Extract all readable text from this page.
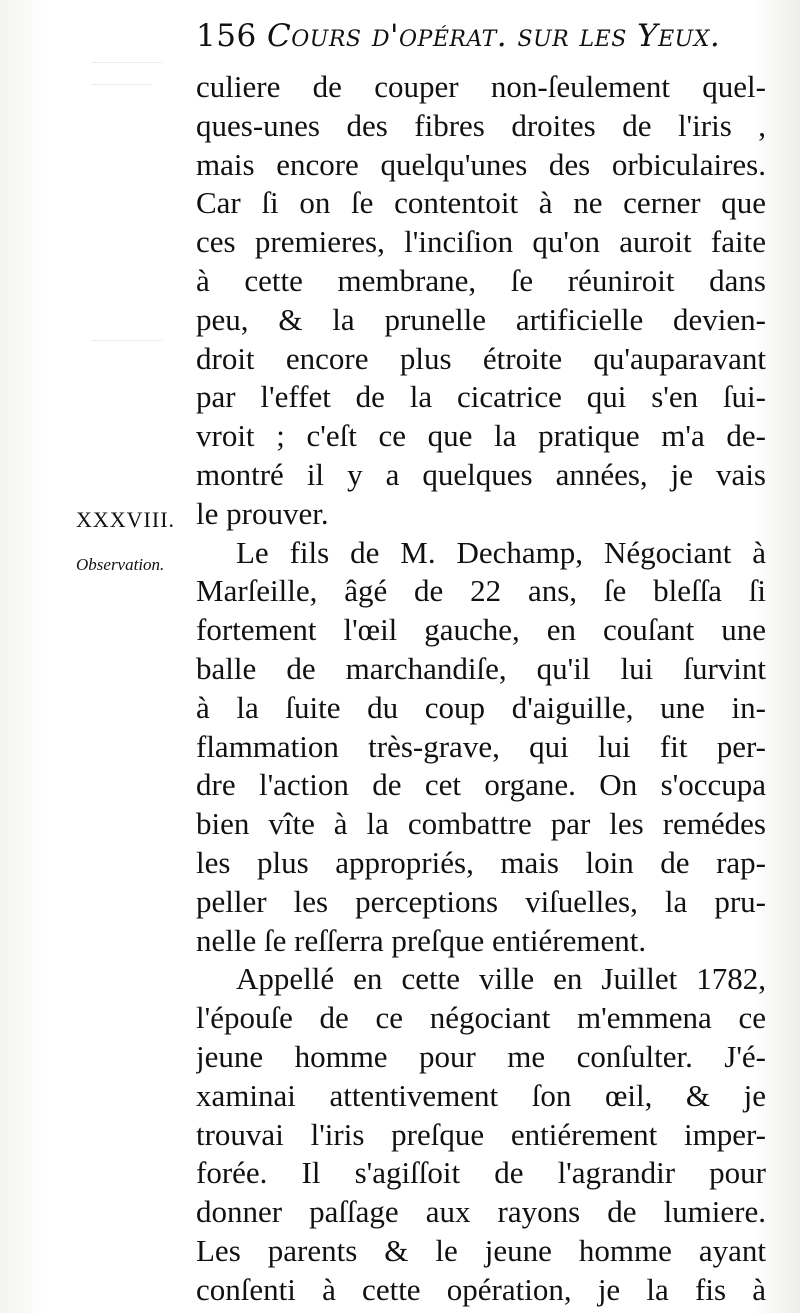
156 Cours d'opérat. sur les Yeux.
XXXVIII.
Observation.
culiere de couper non-ſeulement quel-
ques-unes des fibres droites de l'iris ,
mais encore quelqu'unes des orbiculaires.
Car ſi on ſe contentoit à ne cerner que
ces premieres, l'inciſion qu'on auroit faite
à cette membrane, ſe réuniroit dans
peu, & la prunelle artificielle devien-
droit encore plus étroite qu'auparavant
par l'effet de la cicatrice qui s'en ſui-
vroit ; c'eſt ce que la pratique m'a de-
montré il y a quelques années, je vais
le prouver.
Le fils de M. Dechamp, Négociant à
Marſeille, âgé de 22 ans, ſe bleſſa ſi
fortement l'œil gauche, en couſant une
balle de marchandiſe, qu'il lui ſurvint
à la ſuite du coup d'aiguille, une in-
flammation très-grave, qui lui fit per-
dre l'action de cet organe. On s'occupa
bien vîte à la combattre par les remédes
les plus appropriés, mais loin de rap-
peller les perceptions viſuelles, la pru-
nelle ſe reſſerra preſque entiérement.
Appellé en cette ville en Juillet 1782,
l'épouſe de ce négociant m'emmena ce
jeune homme pour me conſulter. J'é-
xaminai attentivement ſon œil, & je
trouvai l'iris preſque entiérement imper-
forée. Il s'agiſſoit de l'agrandir pour
donner paſſage aux rayons de lumiere.
Les parents & le jeune homme ayant
conſenti à cette opération, je la fis à
